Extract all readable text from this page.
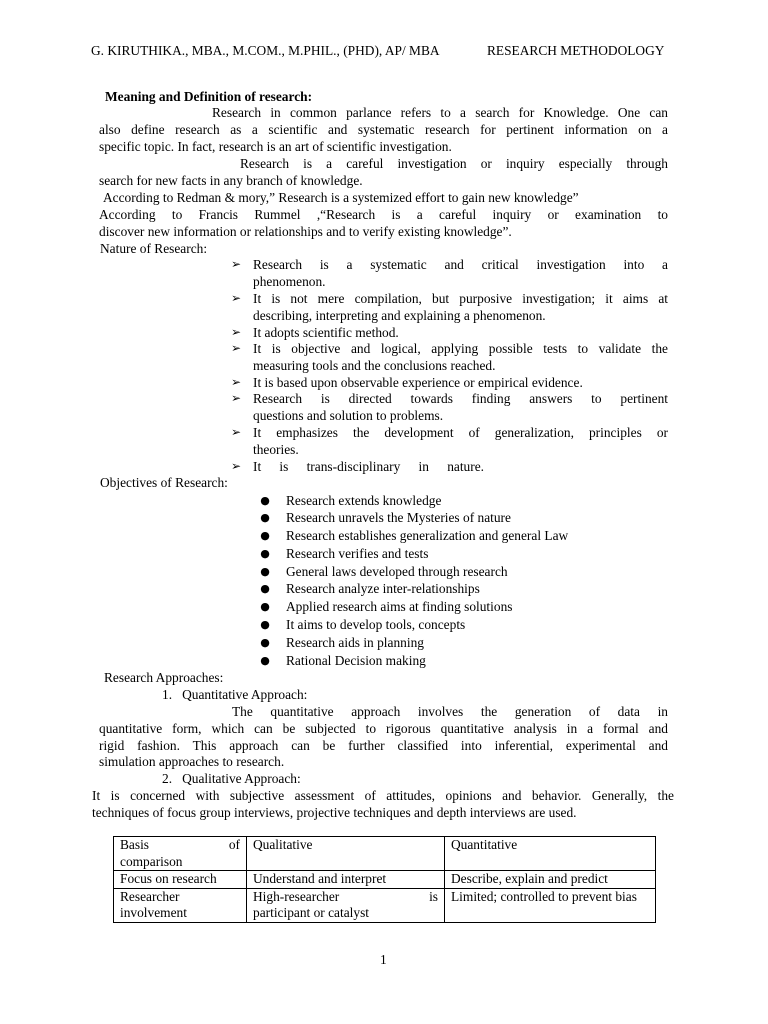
G. KIRUTHIKA., MBA., M.COM., M.PHIL., (PHD), AP/ MBA	RESEARCH METHODOLOGY
Meaning and Definition of research:
Research in common parlance refers to a search for Knowledge. One can
also define research as a scientific and systematic research for pertinent information on a
specific topic. In fact, research is an art of scientific investigation.
Research is a careful investigation or inquiry especially through
search for new facts in any branch of knowledge.
According to Redman & mory,” Research is a systemized effort to gain new knowledge”
According to Francis Rummel ,“Research is a careful inquiry or examination to
discover new information or relationships and to verify existing knowledge”.
Nature of Research:
➢ Research is a systematic and critical investigation into a
phenomenon.
➢ It is not mere compilation, but purposive investigation; it aims at
describing, interpreting and explaining a phenomenon.
➢ It adopts scientific method.
➢ It is objective and logical, applying possible tests to validate the
measuring tools and the conclusions reached.
➢ It is based upon observable experience or empirical evidence.
➢ Research is directed towards finding answers to pertinent
questions and solution to problems.
➢ It emphasizes the development of generalization, principles or
theories.
➢ It is trans-disciplinary in nature.
Objectives of Research:
● Research extends knowledge
● Research unravels the Mysteries of nature
● Research establishes generalization and general Law
● Research verifies and tests
● General laws developed through research
● Research analyze inter-relationships
● Applied research aims at finding solutions
● It aims to develop tools, concepts
● Research aids in planning
● Rational Decision making
Research Approaches:
1.   Quantitative Approach:
The quantitative approach involves the generation of data in
quantitative form, which can be subjected to rigorous quantitative analysis in a formal and
rigid fashion. This approach can be further classified into inferential, experimental and
simulation approaches to research.
2.   Qualitative Approach:
It is concerned with subjective assessment of attitudes, opinions and behavior. Generally, the
techniques of focus group interviews, projective techniques and depth interviews are used.
Basis of
comparison	Qualitative	Quantitative
Focus on research	Understand and interpret	Describe, explain and predict
Researcher involvement	High-researcher is
participant or catalyst	Limited; controlled to prevent bias
1
